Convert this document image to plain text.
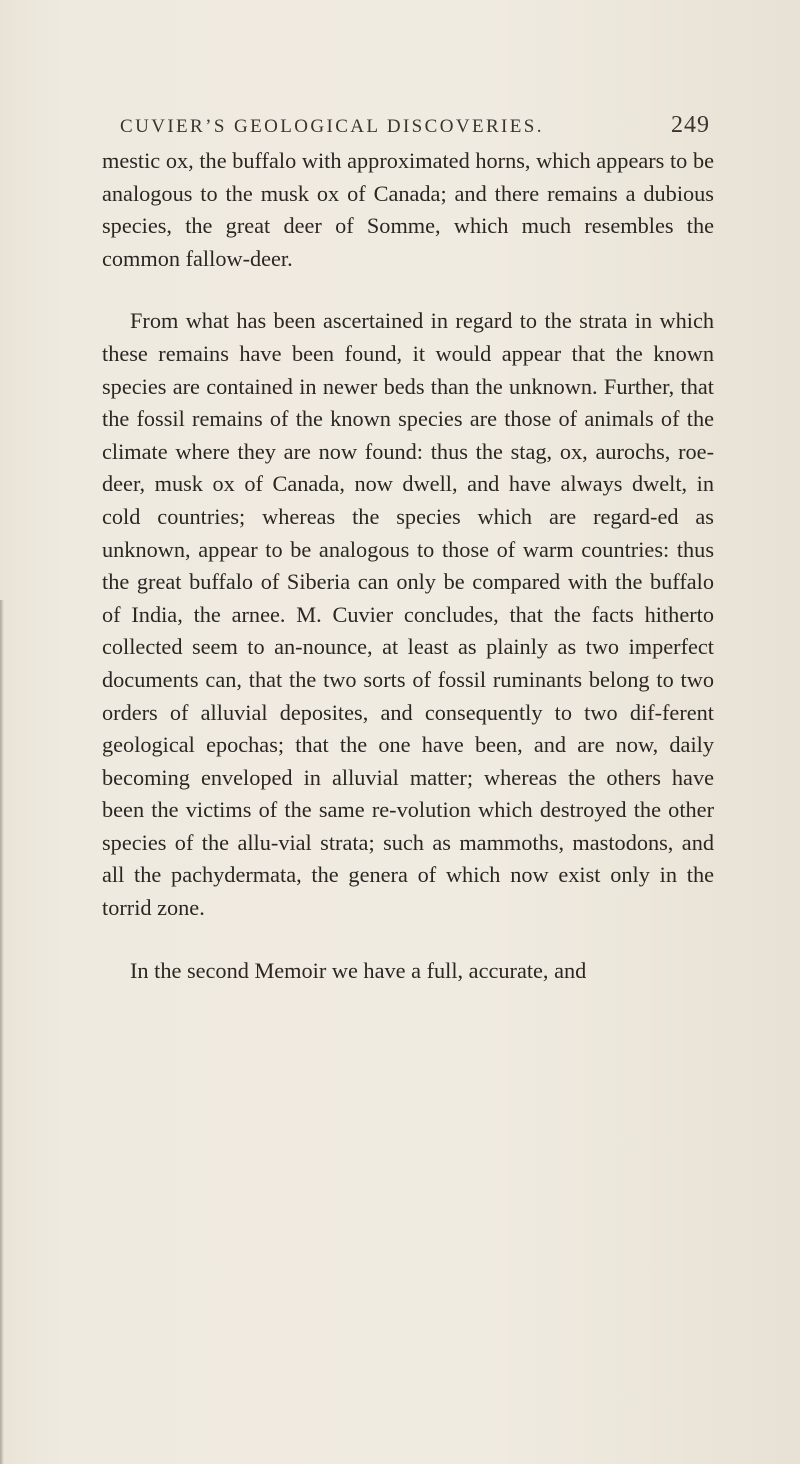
CUVIER’S GEOLOGICAL DISCOVERIES.	249

mestic ox, the buffalo with approximated horns, which appears to be analogous to the musk ox of Canada; and there remains a dubious species, the great deer of Somme, which much resembles the common fallow-deer.

From what has been ascertained in regard to the strata in which these remains have been found, it would appear that the known species are contained in newer beds than the unknown. Further, that the fossil remains of the known species are those of animals of the climate where they are now found: thus the stag, ox, aurochs, roe-deer, musk ox of Canada, now dwell, and have always dwelt, in cold countries; whereas the species which are regard-ed as unknown, appear to be analogous to those of warm countries: thus the great buffalo of Siberia can only be compared with the buffalo of India, the arnee. M. Cuvier concludes, that the facts hitherto collected seem to an-nounce, at least as plainly as two imperfect documents can, that the two sorts of fossil ruminants belong to two orders of alluvial deposites, and consequently to two dif-ferent geological epochas; that the one have been, and are now, daily becoming enveloped in alluvial matter; whereas the others have been the victims of the same re-volution which destroyed the other species of the allu-vial strata; such as mammoths, mastodons, and all the pachydermata, the genera of which now exist only in the torrid zone.

In the second Memoir we have a full, accurate, and
